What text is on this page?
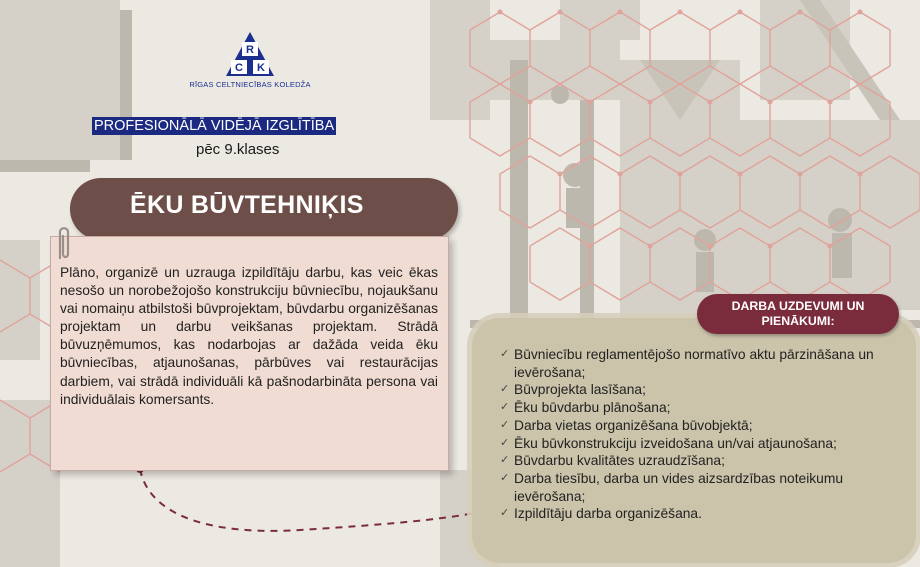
R
C K
RĪGAS CELTNIECĪBAS KOLEDŽA
PROFESIONĀLĀ VIDĒJĀ IZGLĪTĪBA
pēc 9.klases
ĒKU BŪVTEHNIĶIS
Plāno, organizē un uzrauga izpildītāju darbu, kas veic ēkas nesošo un norobežojošo konstrukciju būvniecību, nojaukšanu vai nomaiņu atbilstoši būvprojektam, būvdarbu organizēšanas projektam un darbu veikšanas projektam. Strādā būvuzņēmumos, kas nodarbojas ar dažāda veida ēku būvniecības, atjaunošanas, pārbūves vai restaurācijas darbiem, vai strādā individuāli kā pašnodarbināta persona vai individuālais komersants.
DARBA UZDEVUMI UN PIENĀKUMI:
✓ Būvniecību reglamentējošo normatīvo aktu pārzināšana un ievērošana;
✓ Būvprojekta lasīšana;
✓ Ēku būvdarbu plānošana;
✓ Darba vietas organizēšana būvobjektā;
✓ Ēku būvkonstrukciju izveidošana un/vai atjaunošana;
✓ Būvdarbu kvalitātes uzraudzīšana;
✓ Darba tiesību, darba un vides aizsardzības noteikumu ievērošana;
✓ Izpildītāju darba organizēšana.
